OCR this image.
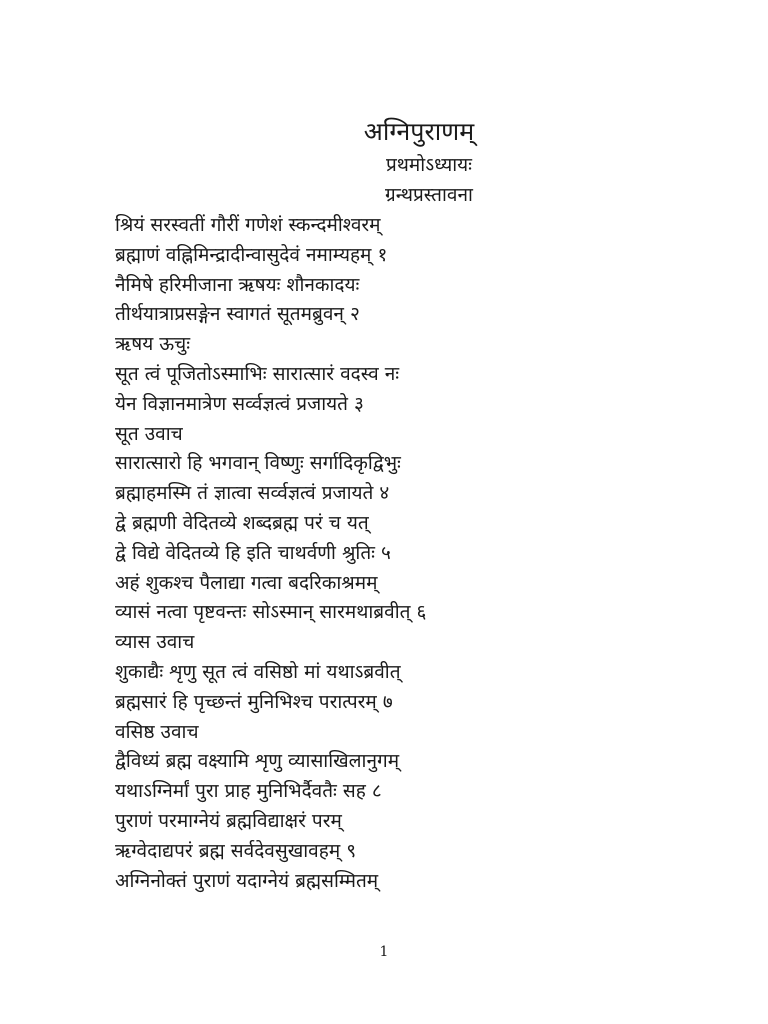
अग्निपुराणम्
प्रथमोऽध्यायः
ग्रन्थप्रस्तावना
श्रियं सरस्वतीं गौरीं गणेशं स्कन्दमीश्वरम्
ब्रह्माणं वह्निमिन्द्रादीन्वासुदेवं नमाम्यहम् १
नैमिषे हरिमीजाना ऋषयः शौनकादयः
तीर्थयात्राप्रसङ्गेन स्वागतं सूतमब्रुवन् २
ऋषय ऊचुः
सूत त्वं पूजितोऽस्माभिः सारात्सारं वदस्व नः
येन विज्ञानमात्रेण सर्व्वज्ञत्वं प्रजायते ३
सूत उवाच
सारात्सारो हि भगवान् विष्णुः सर्गादिकृद्विभुः
ब्रह्माहमस्मि तं ज्ञात्वा सर्व्वज्ञत्वं प्रजायते ४
द्वे ब्रह्मणी वेदितव्ये शब्दब्रह्म परं च यत्
द्वे विद्ये वेदितव्ये हि इति चाथर्वणी श्रुतिः ५
अहं शुकश्च पैलाद्या गत्वा बदरिकाश्रमम्
व्यासं नत्वा पृष्टवन्तः सोऽस्मान् सारमथाब्रवीत् ६
व्यास उवाच
शुकाद्यैः शृणु सूत त्वं वसिष्ठो मां यथाऽब्रवीत्
ब्रह्मसारं हि पृच्छन्तं मुनिभिश्च परात्परम् ७
वसिष्ठ उवाच
द्वैविध्यं ब्रह्म वक्ष्यामि शृणु व्यासाखिलानुगम्
यथाऽग्निर्मां पुरा प्राह मुनिभिर्दैवतैः सह ८
पुराणं परमाग्नेयं ब्रह्मविद्याक्षरं परम्
ऋग्वेदाद्यपरं ब्रह्म सर्वदेवसुखावहम् ९
अग्निनोक्तं पुराणं यदाग्नेयं ब्रह्मसम्मितम्
1
